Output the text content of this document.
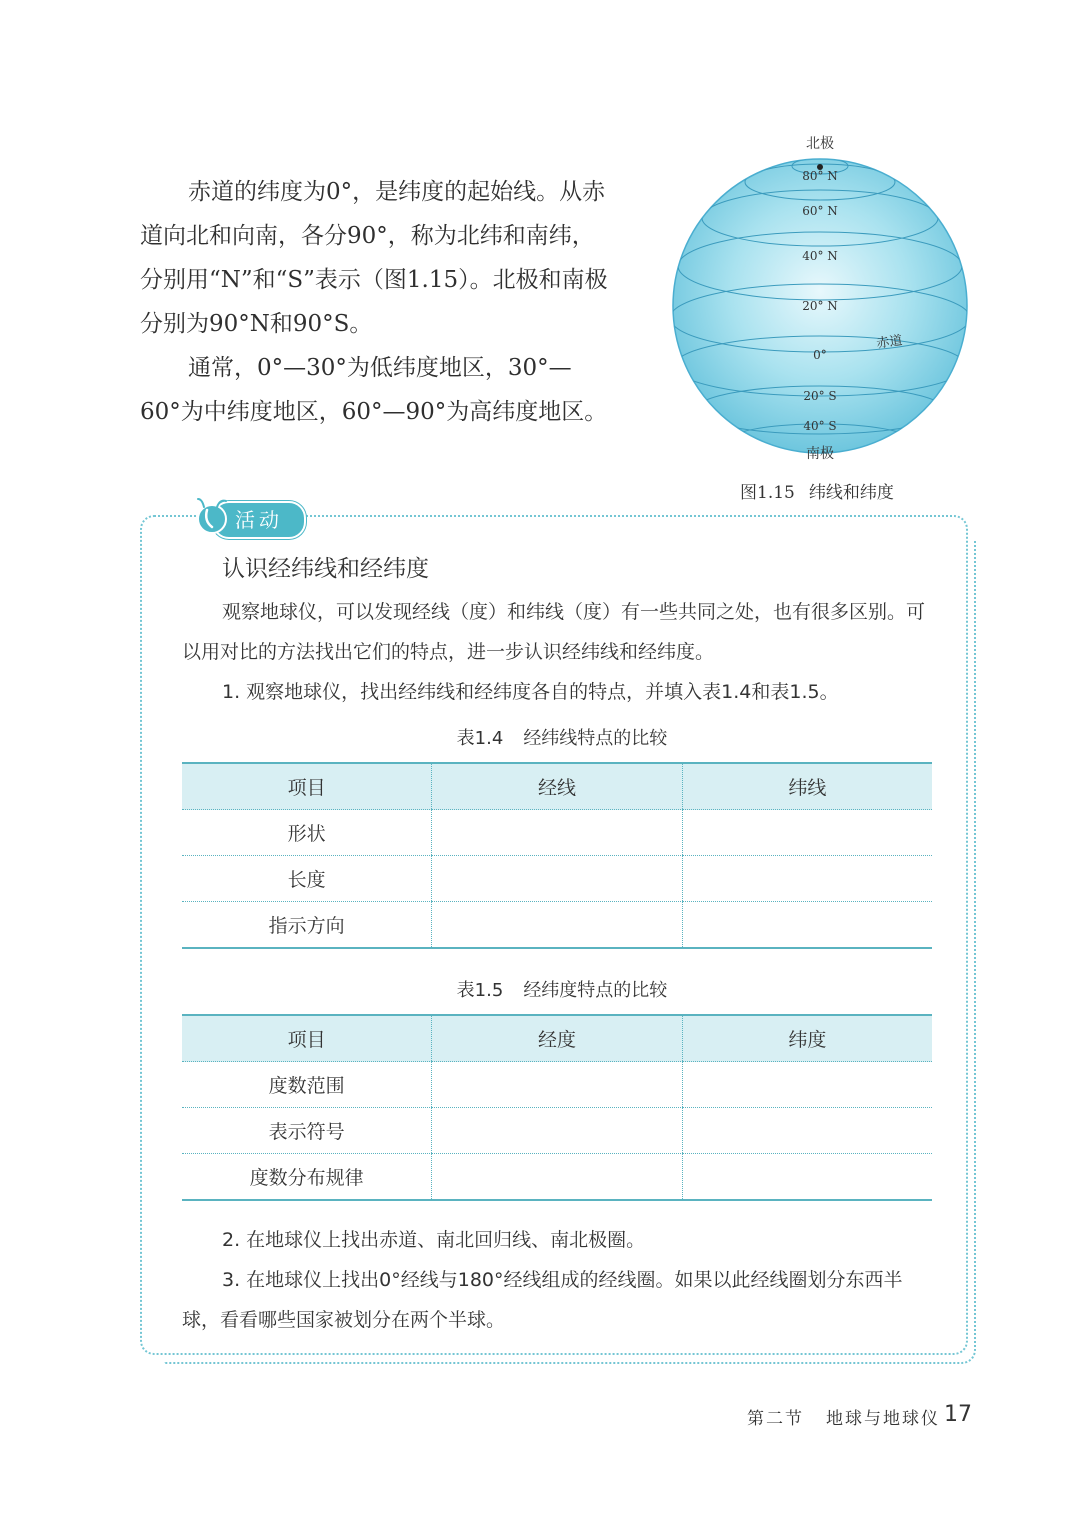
赤道的纬度为0°，是纬度的起始线。从赤道向北和向南，各分90°，称为北纬和南纬，分别用“N”和“S”表示（图1.15）。北极和南极分别为90°N和90°S。

通常，0°—30°为低纬度地区，30°—60°为中纬度地区，60°—90°为高纬度地区。

北极
80° N
60° N
40° N
20° N
0°
20° S
40° S
南极
赤道
图1.15 纬线和纬度
活动
认识经纬线和经纬度

观察地球仪，可以发现经线（度）和纬线（度）有一些共同之处，也有很多区别。可以用对比的方法找出它们的特点，进一步认识经纬线和经纬度。

1. 观察地球仪，找出经纬线和经纬度各自的特点，并填入表1.4和表1.5。

表1.4 经纬线特点的比较
项目	经线	纬线
形状		
长度		
指示方向		
表1.5 经纬度特点的比较
项目	经度	纬度
度数范围		
表示符号		
度数分布规律		

2. 在地球仪上找出赤道、南北回归线、南北极圈。

3. 在地球仪上找出0°经线与180°经线组成的经线圈。如果以此经线圈划分东西半球，看看哪些国家被划分在两个半球。

第二节 地球与地球仪 17
